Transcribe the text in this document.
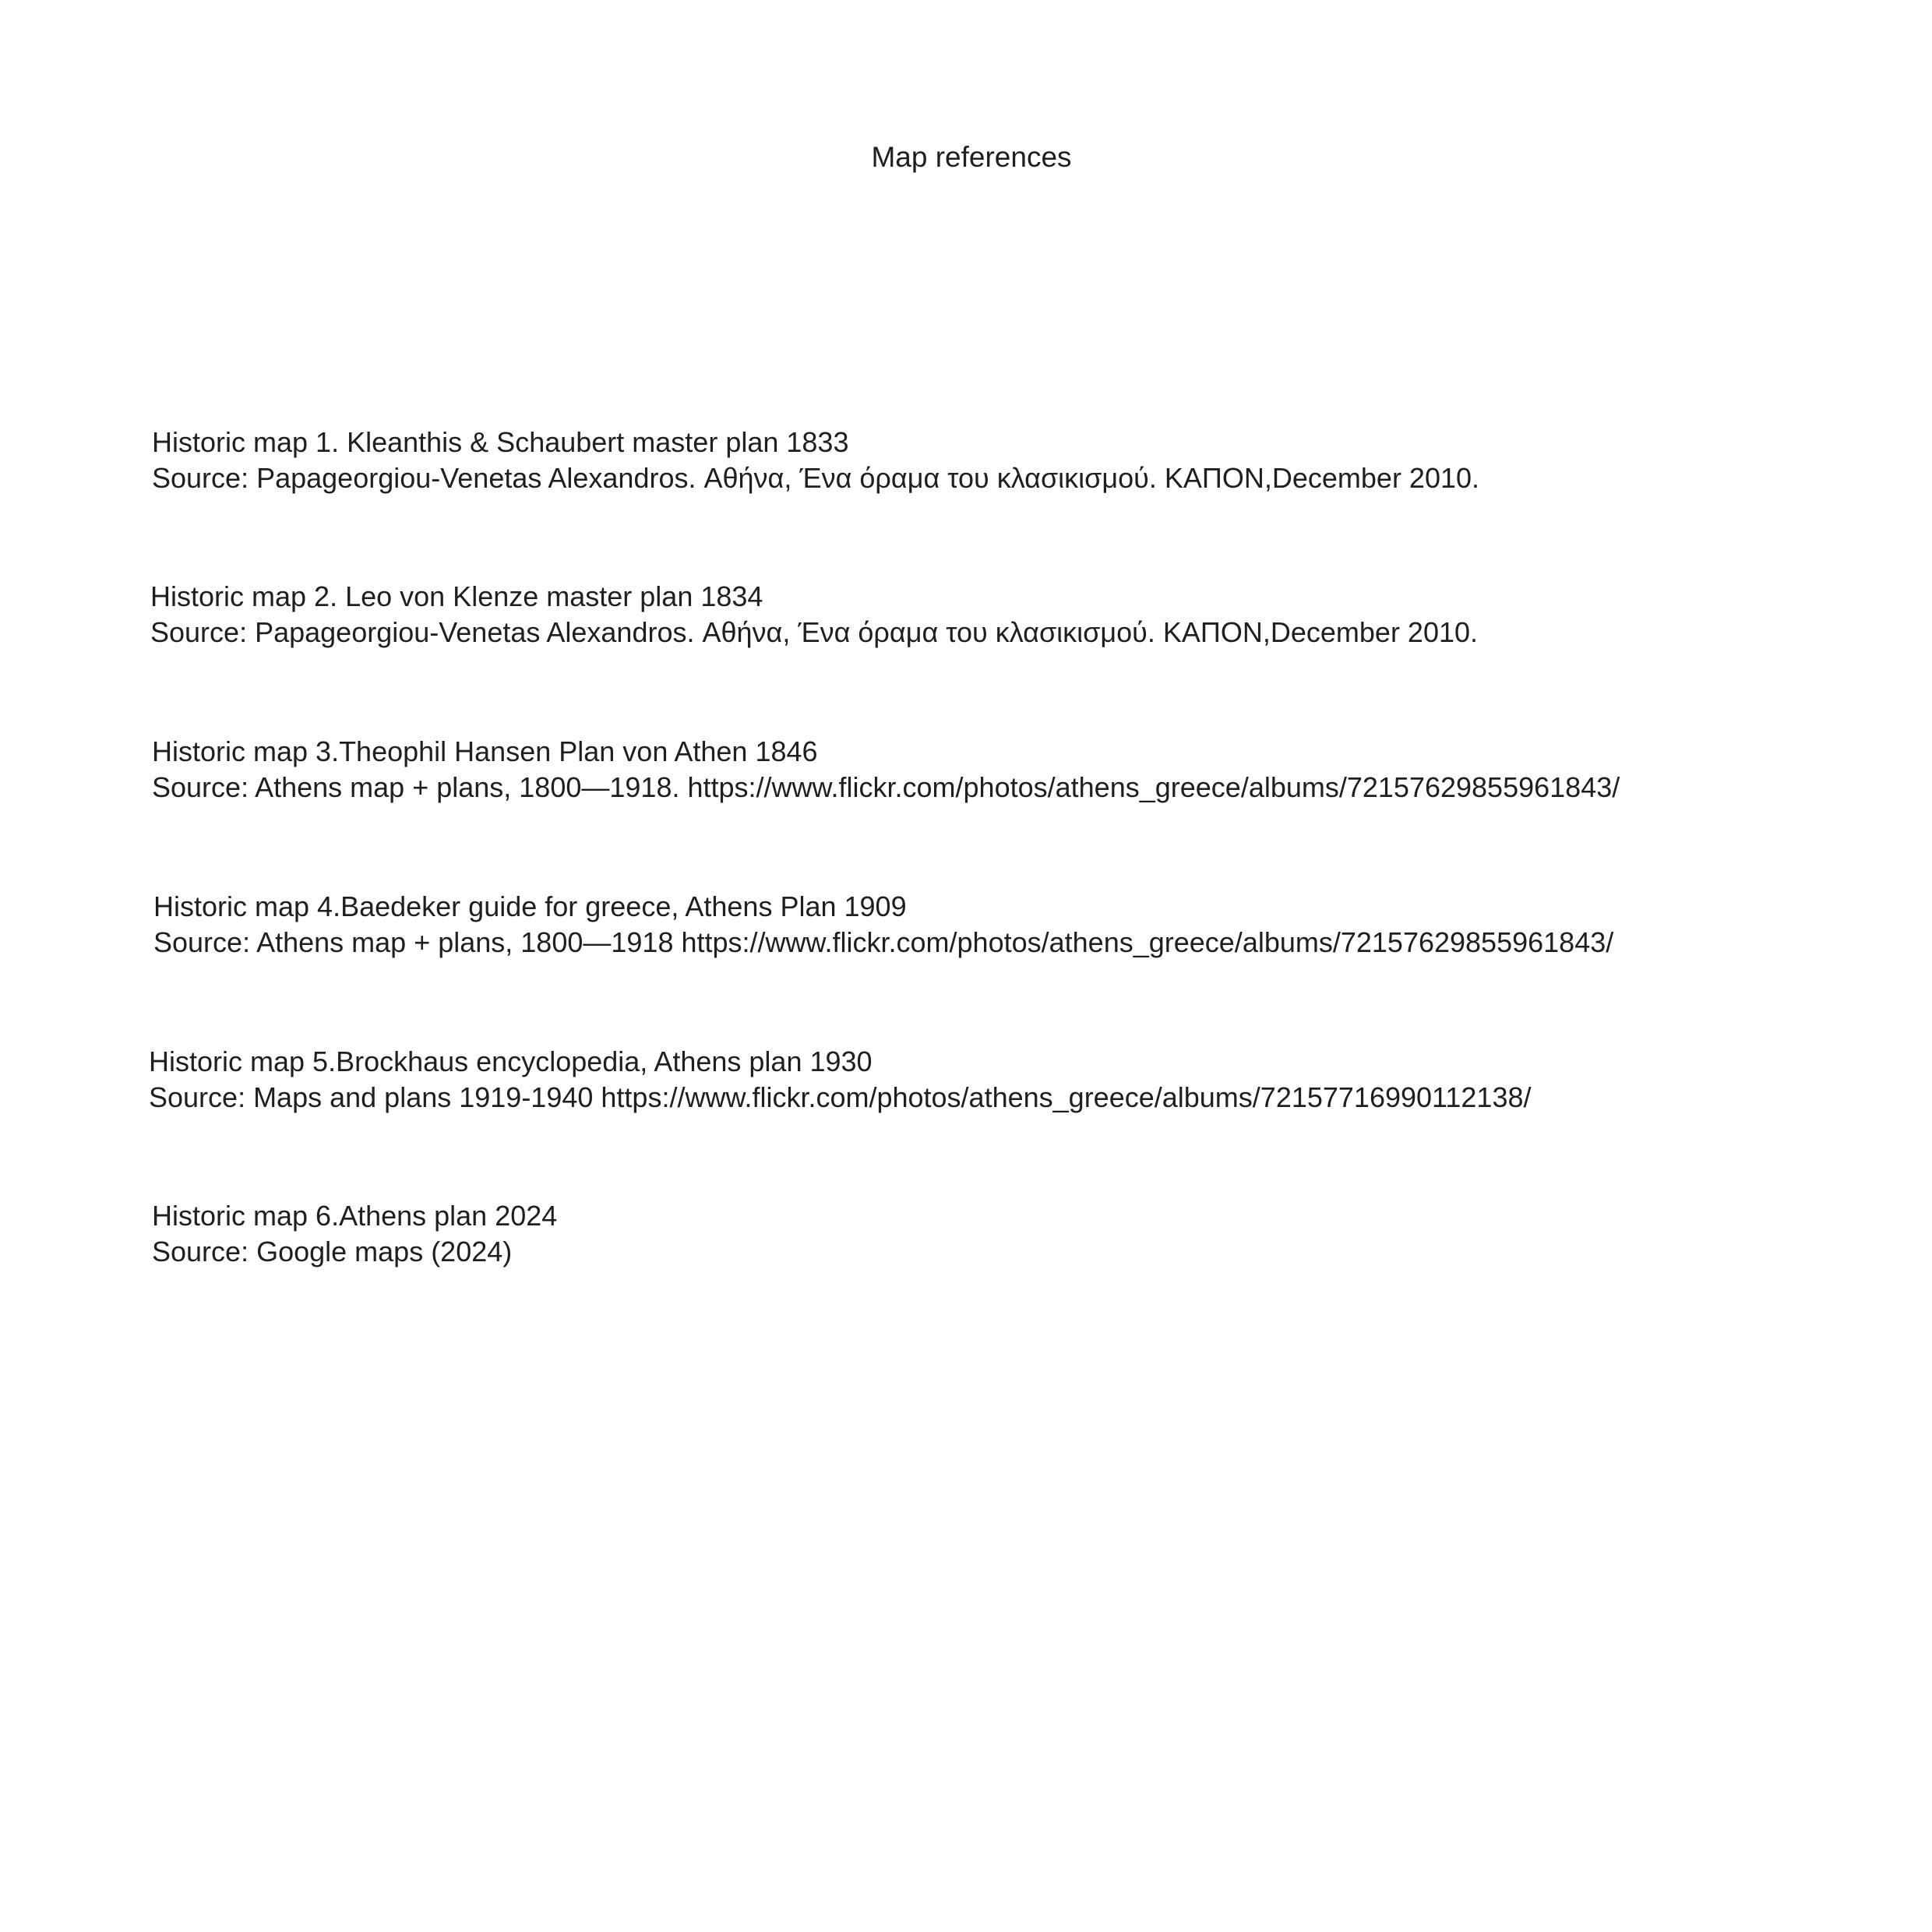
Map references
Historic map 1. Kleanthis & Schaubert master plan 1833
Source: Papageorgiou-Venetas Alexandros. Αθήνα, Ένα όραμα του κλασικισμού. ΚΑΠΟΝ,December 2010.
Historic map 2. Leo von Klenze master plan 1834
Source: Papageorgiou-Venetas Alexandros. Αθήνα, Ένα όραμα του κλασικισμού. ΚΑΠΟΝ,December 2010.
Historic map 3.Theophil Hansen Plan von Athen 1846
Source: Athens map + plans, 1800—1918. https://www.flickr.com/photos/athens_greece/albums/72157629855961843/
Historic map 4.Baedeker guide for greece, Athens Plan 1909
Source: Athens map + plans, 1800—1918 https://www.flickr.com/photos/athens_greece/albums/72157629855961843/
Historic map 5.Brockhaus encyclopedia, Athens plan 1930
Source: Maps and plans 1919-1940 https://www.flickr.com/photos/athens_greece/albums/72157716990112138/
Historic map 6.Athens plan 2024
Source: Google maps (2024)
